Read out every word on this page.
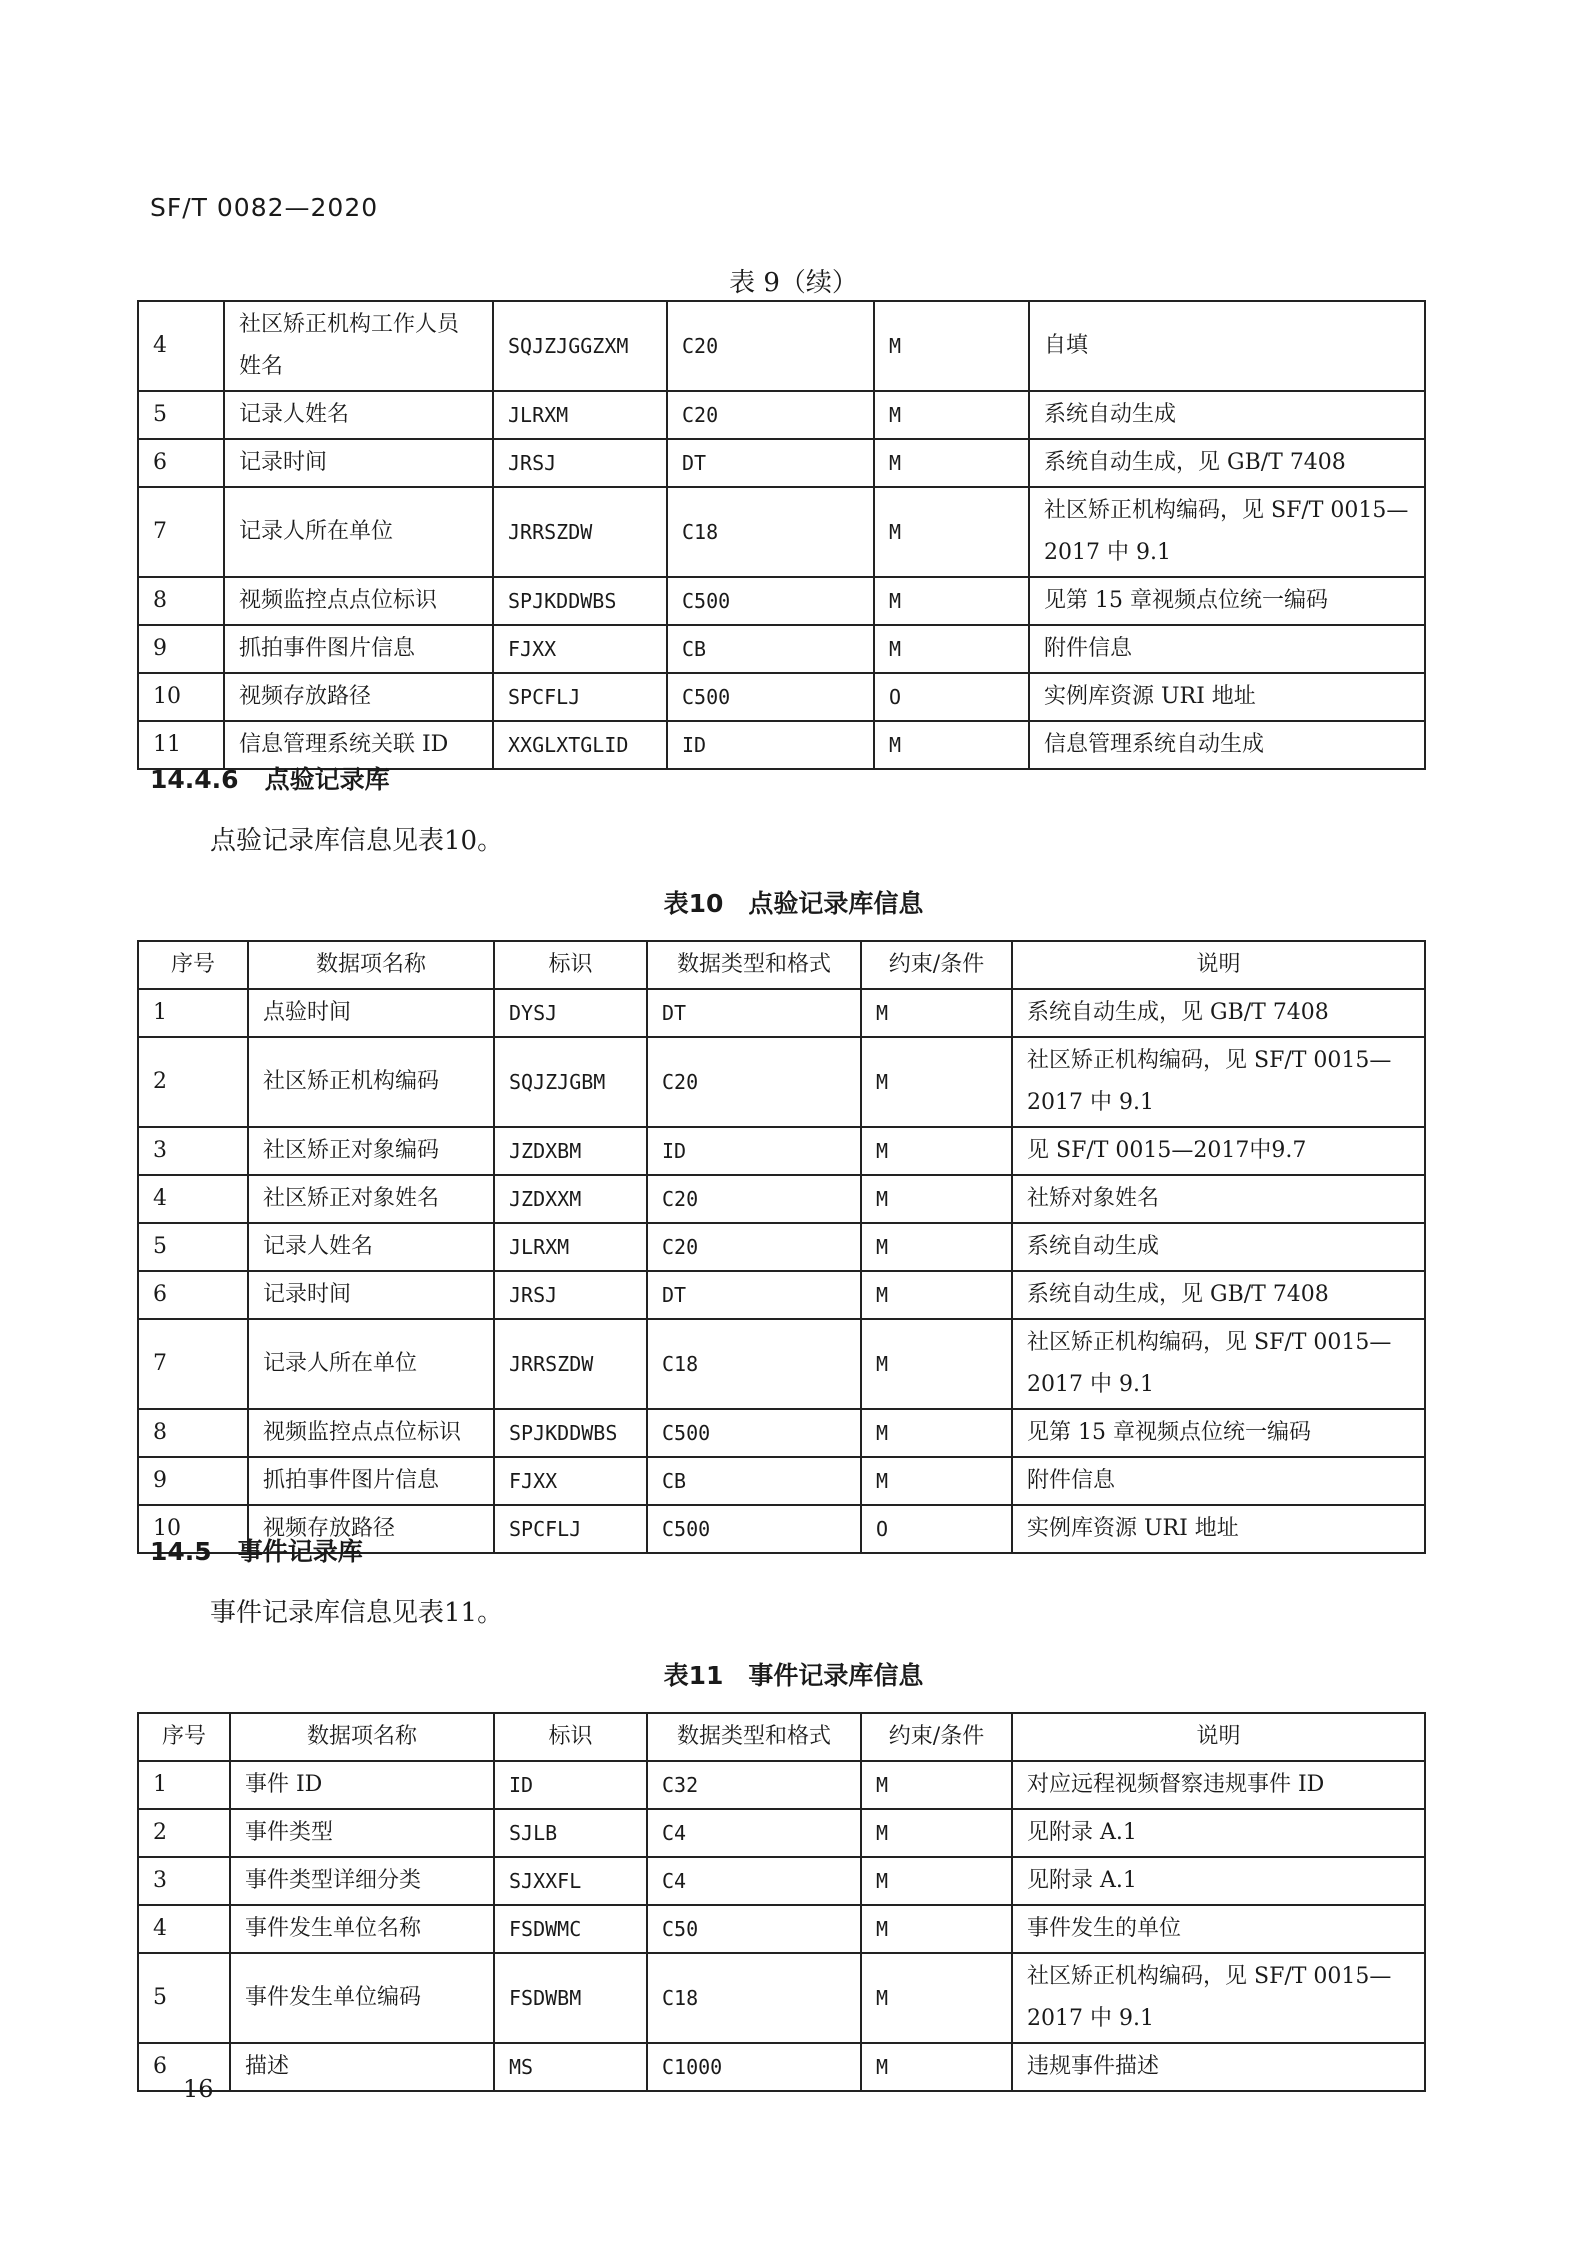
SF/T 0082—2020
表 9（续）
4	社区矫正机构工作人员姓名	SQJZJGGZXM	C20	M	自填
5	记录人姓名	JLRXM	C20	M	系统自动生成
6	记录时间	JRSJ	DT	M	系统自动生成，见 GB/T 7408
7	记录人所在单位	JRRSZDW	C18	M	社区矫正机构编码，见 SF/T 0015—2017 中 9.1
8	视频监控点点位标识	SPJKDDWBS	C500	M	见第 15 章视频点位统一编码
9	抓拍事件图片信息	FJXX	CB	M	附件信息
10	视频存放路径	SPCFLJ	C500	O	实例库资源 URI 地址
11	信息管理系统关联 ID	XXGLXTGLID	ID	M	信息管理系统自动生成
14.4.6 点验记录库
点验记录库信息见表10。
表10　点验记录库信息
序号	数据项名称	标识	数据类型和格式	约束/条件	说明
1	点验时间	DYSJ	DT	M	系统自动生成，见 GB/T 7408
2	社区矫正机构编码	SQJZJGBM	C20	M	社区矫正机构编码，见 SF/T 0015—2017 中 9.1
3	社区矫正对象编码	JZDXBM	ID	M	见 SF/T 0015—2017中9.7
4	社区矫正对象姓名	JZDXXM	C20	M	社矫对象姓名
5	记录人姓名	JLRXM	C20	M	系统自动生成
6	记录时间	JRSJ	DT	M	系统自动生成，见 GB/T 7408
7	记录人所在单位	JRRSZDW	C18	M	社区矫正机构编码，见 SF/T 0015—2017 中 9.1
8	视频监控点点位标识	SPJKDDWBS	C500	M	见第 15 章视频点位统一编码
9	抓拍事件图片信息	FJXX	CB	M	附件信息
10	视频存放路径	SPCFLJ	C500	O	实例库资源 URI 地址
14.5 事件记录库
事件记录库信息见表11。
表11　事件记录库信息
序号	数据项名称	标识	数据类型和格式	约束/条件	说明
1	事件 ID	ID	C32	M	对应远程视频督察违规事件 ID
2	事件类型	SJLB	C4	M	见附录 A.1
3	事件类型详细分类	SJXXFL	C4	M	见附录 A.1
4	事件发生单位名称	FSDWMC	C50	M	事件发生的单位
5	事件发生单位编码	FSDWBM	C18	M	社区矫正机构编码，见 SF/T 0015—2017 中 9.1
6	描述	MS	C1000	M	违规事件描述
16
